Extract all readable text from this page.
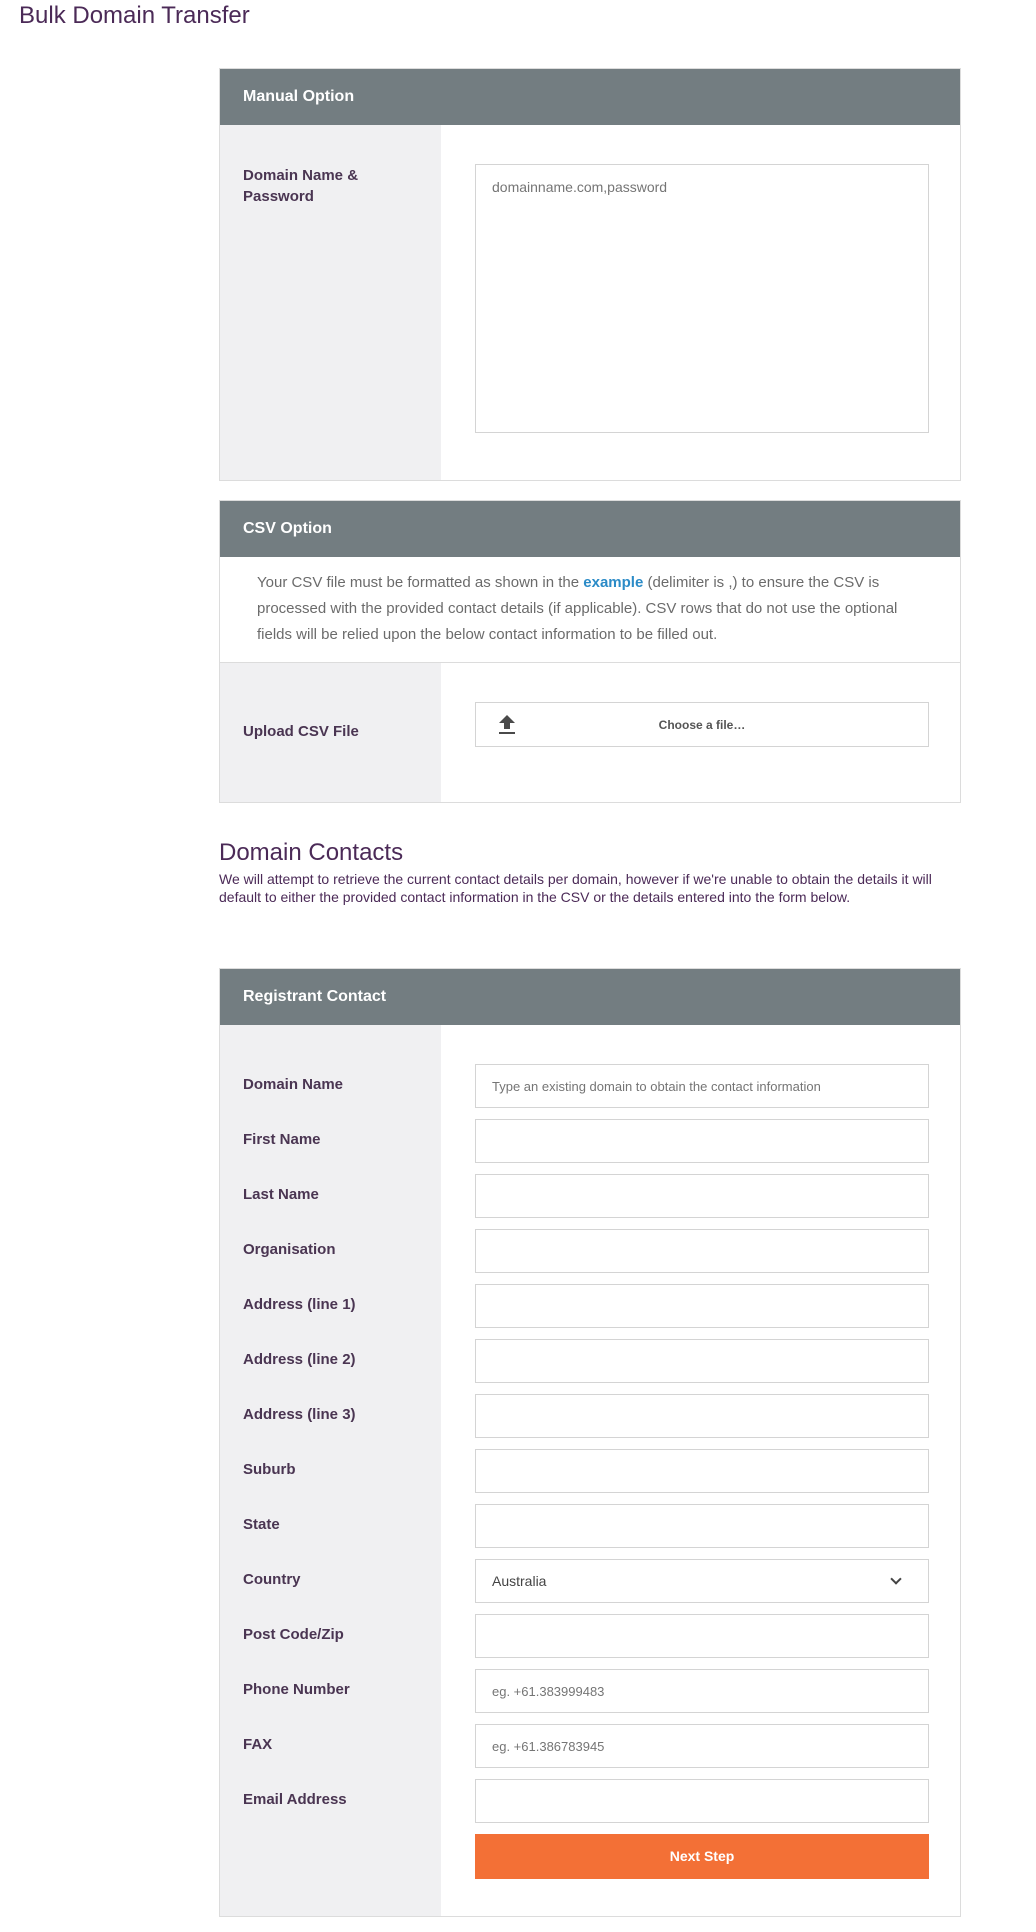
Bulk Domain Transfer
Manual Option
Domain Name & Password
domainname.com,password
CSV Option
Your CSV file must be formatted as shown in the example (delimiter is ,) to ensure the CSV is processed with the provided contact details (if applicable). CSV rows that do not use the optional fields will be relied upon the below contact information to be filled out.
Upload CSV File	Choose a file…
Domain Contacts
We will attempt to retrieve the current contact details per domain, however if we're unable to obtain the details it will default to either the provided contact information in the CSV or the details entered into the form below.
Registrant Contact
Domain Name
Type an existing domain to obtain the contact information
First Name
Last Name
Organisation
Address (line 1)
Address (line 2)
Address (line 3)
Suburb
State
Country	Australia
Post Code/Zip
Phone Number
eg. +61.383999483
FAX
eg. +61.386783945
Email Address
Next Step
